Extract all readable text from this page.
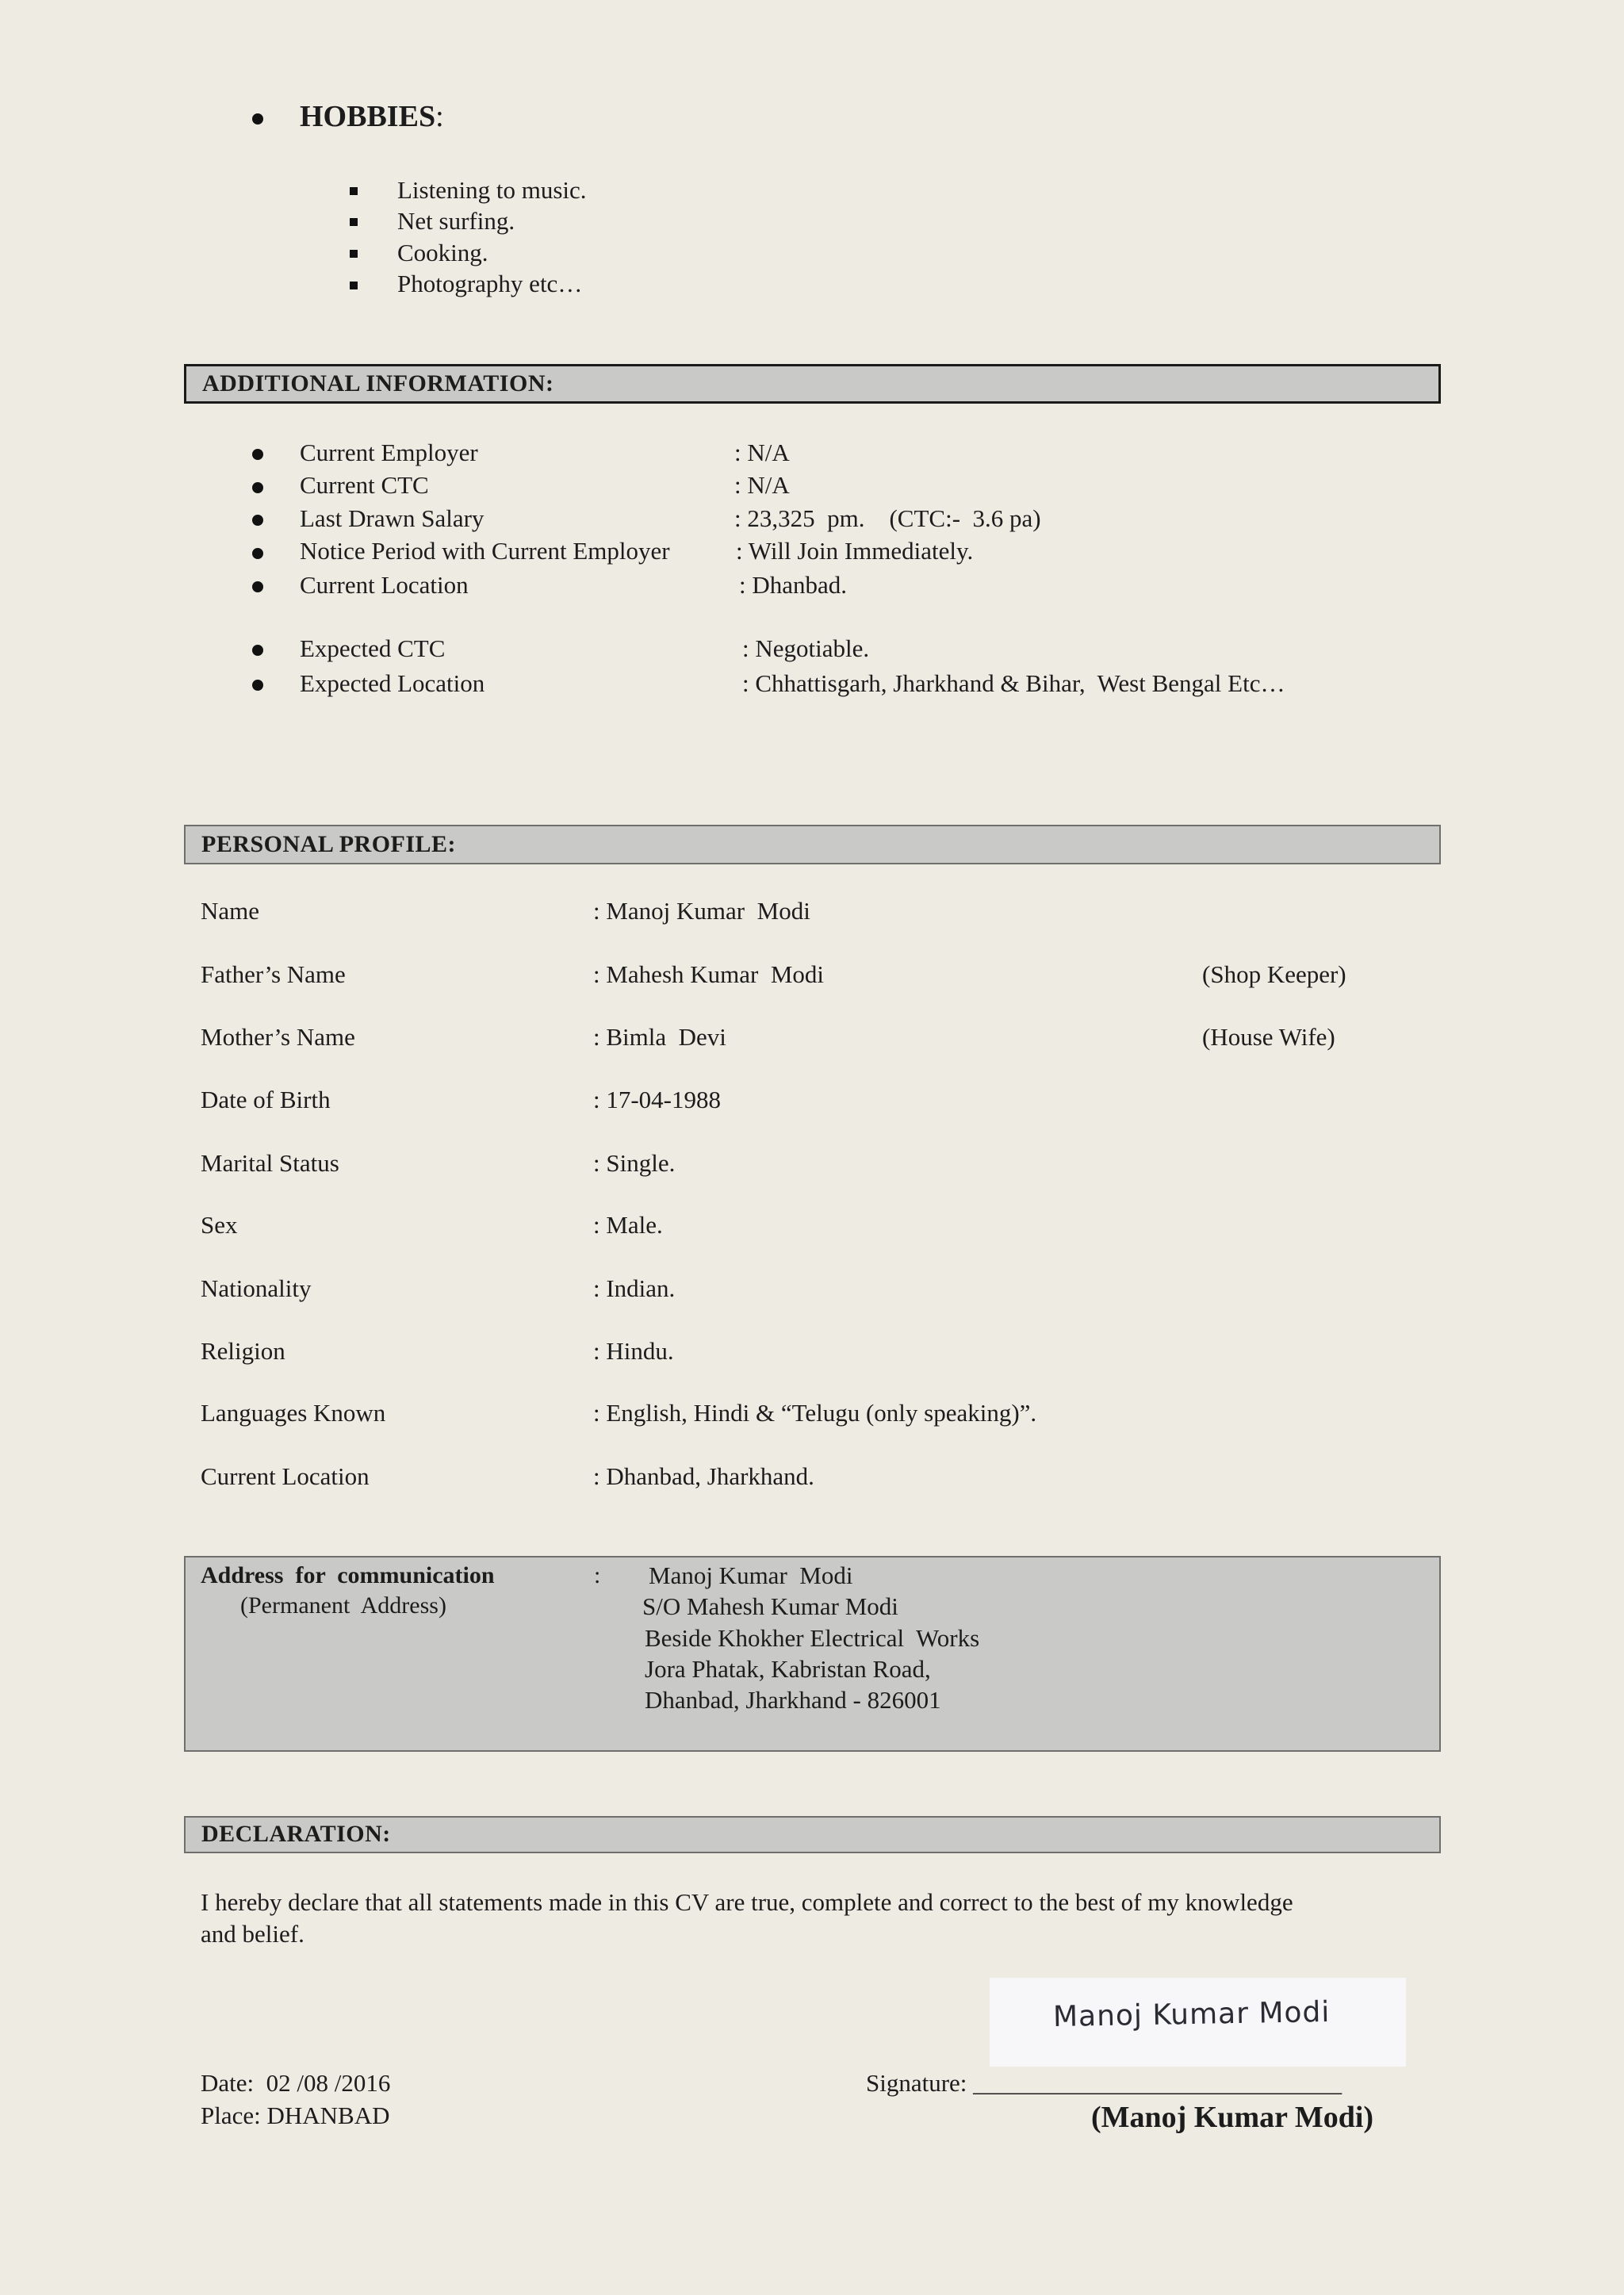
HOBBIES:
Listening to music.
Net surfing.
Cooking.
Photography etc…
ADDITIONAL INFORMATION:
Current Employer	: N/A
Current CTC	: N/A
Last Drawn Salary	: 23,325  pm.    (CTC:-  3.6 pa)
Notice Period with Current Employer	: Will Join Immediately.
Current Location	: Dhanbad.
Expected CTC	: Negotiable.
Expected Location	: Chhattisgarh, Jharkhand & Bihar,  West Bengal Etc…
PERSONAL PROFILE:
Name	: Manoj Kumar  Modi
Father’s Name	: Mahesh Kumar  Modi	(Shop Keeper)
Mother’s Name	: Bimla  Devi	(House Wife)
Date of Birth	: 17-04-1988
Marital Status	: Single.
Sex	: Male.
Nationality	: Indian.
Religion	: Hindu.
Languages Known	: English, Hindi & “Telugu (only speaking)”.
Current Location	: Dhanbad, Jharkhand.
Address  for  communication
(Permanent  Address)
: Manoj Kumar  Modi
S/O Mahesh Kumar Modi
Beside Khokher Electrical  Works
Jora Phatak, Kabristan Road,
Dhanbad, Jharkhand - 826001
DECLARATION:
I hereby declare that all statements made in this CV are true, complete and correct to the best of my knowledge
and belief.
Manoj Kumar Modi
Date:  02 /08 /2016
Place: DHANBAD
Signature: ______________________________
(Manoj Kumar Modi)
